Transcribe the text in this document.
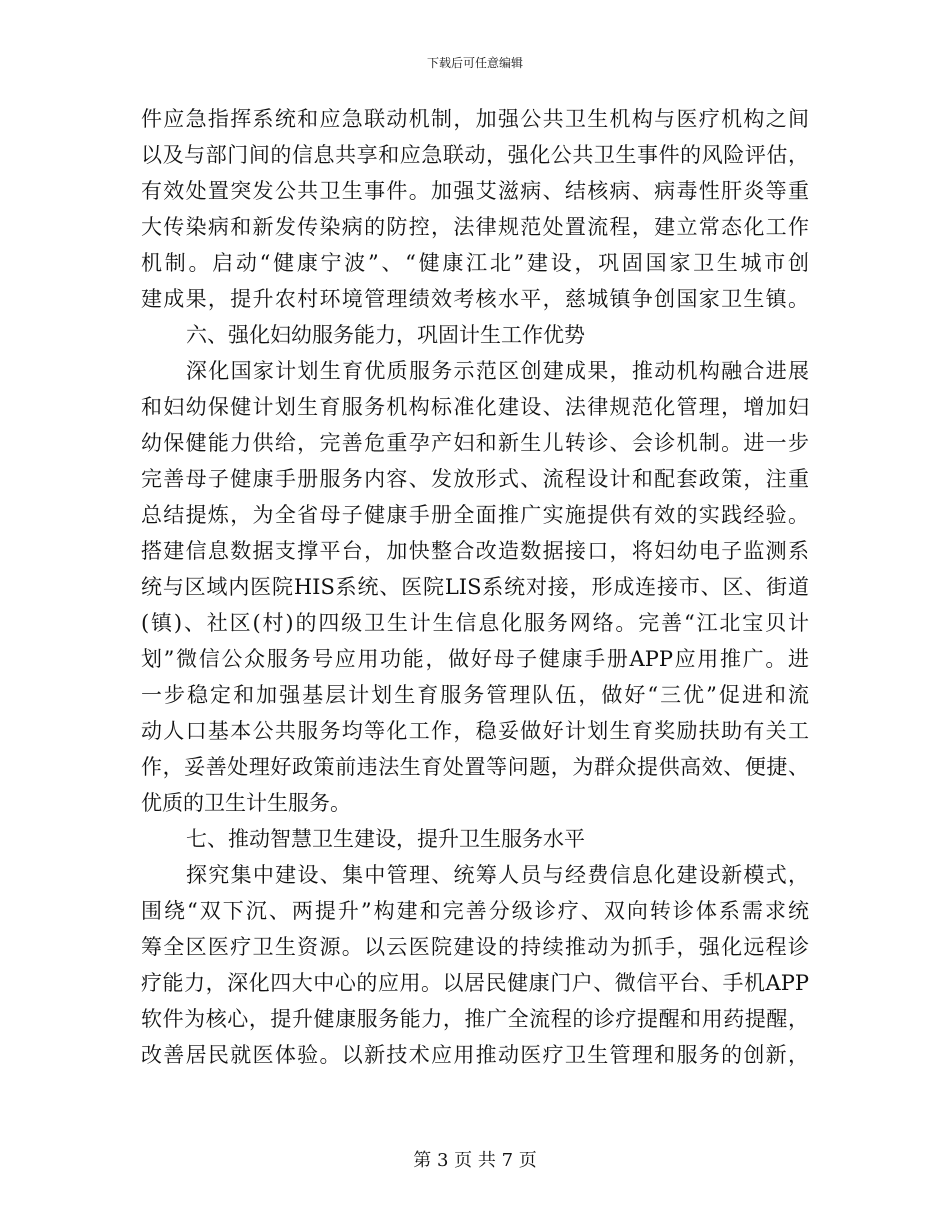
下载后可任意编辑
件应急指挥系统和应急联动机制，加强公共卫生机构与医疗机构之间
以及与部门间的信息共享和应急联动，强化公共卫生事件的风险评估，
有效处置突发公共卫生事件。加强艾滋病、结核病、病毒性肝炎等重
大传染病和新发传染病的防控，法律规范处置流程，建立常态化工作
机制。启动“健康宁波”、“健康江北”建设，巩固国家卫生城市创
建成果，提升农村环境管理绩效考核水平，慈城镇争创国家卫生镇。
六、强化妇幼服务能力，巩固计生工作优势
深化国家计划生育优质服务示范区创建成果，推动机构融合进展
和妇幼保健计划生育服务机构标准化建设、法律规范化管理，增加妇
幼保健能力供给，完善危重孕产妇和新生儿转诊、会诊机制。进一步
完善母子健康手册服务内容、发放形式、流程设计和配套政策，注重
总结提炼，为全省母子健康手册全面推广实施提供有效的实践经验。
搭建信息数据支撑平台，加快整合改造数据接口，将妇幼电子监测系
统与区域内医院HIS系统、医院LIS系统对接，形成连接市、区、街道
(镇)、社区(村)的四级卫生计生信息化服务网络。完善“江北宝贝计
划”微信公众服务号应用功能，做好母子健康手册APP应用推广。进
一步稳定和加强基层计划生育服务管理队伍，做好“三优”促进和流
动人口基本公共服务均等化工作，稳妥做好计划生育奖励扶助有关工
作，妥善处理好政策前违法生育处置等问题，为群众提供高效、便捷、
优质的卫生计生服务。
七、推动智慧卫生建设，提升卫生服务水平
探究集中建设、集中管理、统筹人员与经费信息化建设新模式，
围绕“双下沉、两提升”构建和完善分级诊疗、双向转诊体系需求统
筹全区医疗卫生资源。以云医院建设的持续推动为抓手，强化远程诊
疗能力，深化四大中心的应用。以居民健康门户、微信平台、手机APP
软件为核心，提升健康服务能力，推广全流程的诊疗提醒和用药提醒，
改善居民就医体验。以新技术应用推动医疗卫生管理和服务的创新，
第 3 页 共 7 页
